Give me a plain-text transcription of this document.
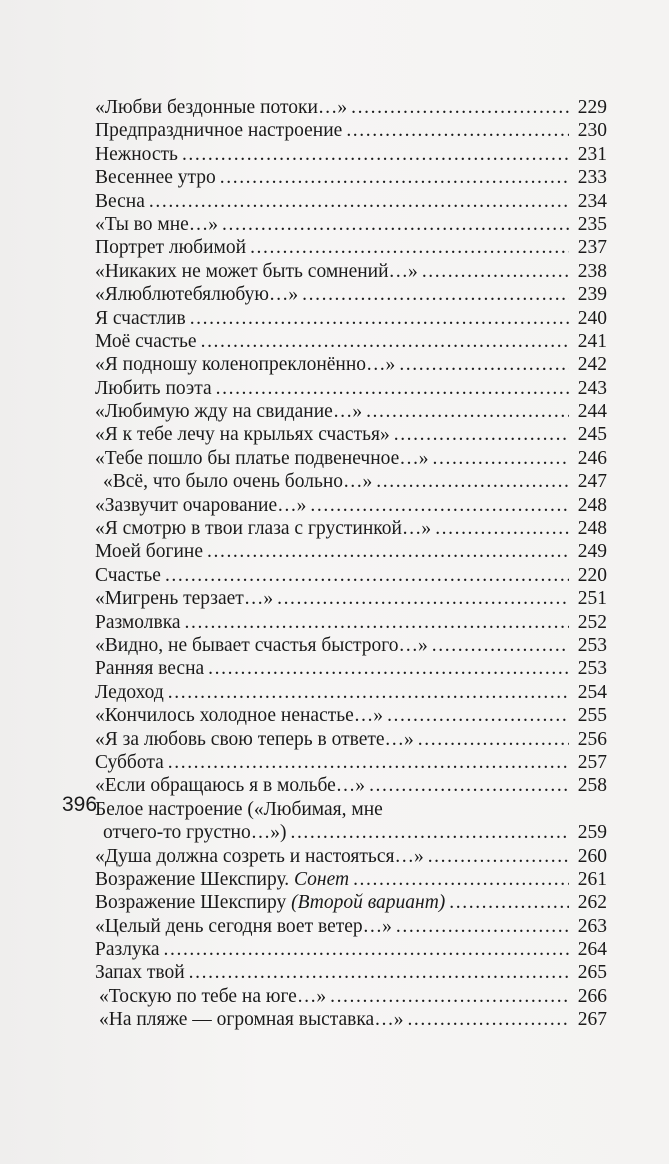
«Любви бездонные потоки…» .....	229
Предпраздничное настроение .....	230
Нежность .....	231
Весеннее утро .....	233
Весна .....	234
«Ты во мне…» .....	235
Портрет любимой .....	237
«Никаких не может быть сомнений…» .....	238
«Ялюблютебялюбую…» .....	239
Я счастлив .....	240
Моё счастье .....	241
«Я подношу коленопреклонённо…» .....	242
Любить поэта .....	243
«Любимую жду на свидание…» .....	244
«Я к тебе лечу на крыльях счастья» .....	245
«Тебе пошло бы платье подвенечное…» .....	246
«Всё, что было очень больно…» .....	247
«Зазвучит очарование…» .....	248
«Я смотрю в твои глаза с грустинкой…» .....	248
Моей богине .....	249
Счастье .....	220
«Мигрень терзает…» .....	251
Размолвка .....	252
«Видно, не бывает счастья быстрого…» .....	253
Ранняя весна .....	253
Ледоход .....	254
«Кончилось холодное ненастье…» .....	255
«Я за любовь свою теперь в ответе…» .....	256
Суббота .....	257
«Если обращаюсь я в мольбе…» .....	258
Белое настроение («Любимая, мне
отчего-то грустно…») .....	259
«Душа должна созреть и настояться…» .....	260
Возражение Шекспиру. Сонет .....	261
Возражение Шекспиру (Второй вариант) .....	262
«Целый день сегодня воет ветер…» .....	263
Разлука .....	264
Запах твой .....	265
«Тоскую по тебе на юге…» .....	266
«На пляже — огромная выставка…» .....	267
396
